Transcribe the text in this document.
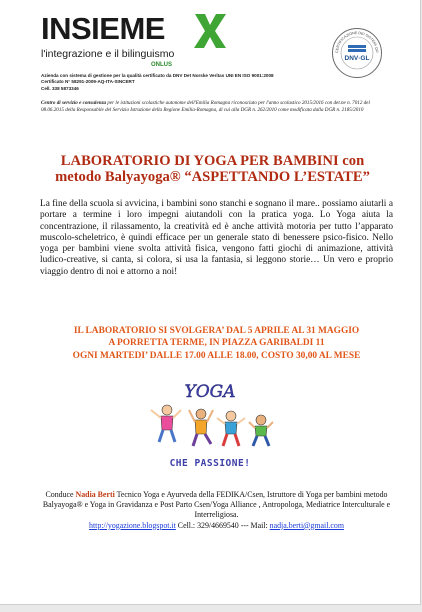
INSIEME
l'integrazione e il bilinguismo
ONLUS
Azienda con sistema di gestione per la qualità certificato da DNV Det Norske Veritas UNI EN ISO 9001:2008
Certificato N° 58291-2009-AQ-ITA-SINCERT
Cell. 338 5873346
CERTIFICAZIONE DEI SISTEMI QU
DNV·GL
Centro di servizio e consulenza per le istituzioni scolastiche autonome dell'Emilia Romagna riconosciuto per l'anno scolastico 2015/2016 con det.ne n. 7012 del 08.06.2015 della Responsabile del Servizio Istruzione della Regione Emilia-Romagna, di cui alla DGR n. 262/2010 come modificata dalla DGR n. 2185/2010
LABORATORIO DI YOGA PER BAMBINI con
metodo Balyayoga® “ASPETTANDO L’ESTATE”
La fine della scuola si avvicina, i bambini sono stanchi e sognano il mare.. possiamo aiutarli a portare a termine i loro impegni aiutandoli con la pratica yoga. Lo Yoga aiuta la concentrazione, il rilassamento, la creatività ed è anche attività motoria per tutto l’apparato muscolo-scheletrico, è quindi efficace per un generale stato di benessere psico-fisico. Nello yoga per bambini viene svolta attività fisica, vengono fatti giochi di animazione, attività ludico-creative, si canta, si colora, si usa la fantasia, si leggono storie… Un vero e proprio viaggio dentro di noi e attorno a noi!
IL LABORATORIO SI SVOLGERA’ DAL 5 APRILE AL 31 MAGGIO
A PORRETTA TERME, IN PIAZZA GARIBALDI 11
OGNI MARTEDI’ DALLE 17.00 ALLE 18.00, COSTO 30,00 AL MESE
YOGA
CHE PASSIONE!
Conduce Nadia Berti Tecnico Yoga e Ayurveda della FEDIKA/Csen, Istruttore di Yoga per bambini metodo Balyayoga® e Yoga in Gravidanza e Post Parto Csen/Yoga Alliance , Antropologa, Mediatrice Interculturale e Interreligiosa.
http://yogazione.blogspot.it Cell.: 329/4669540 --- Mail: nadja.berti@gmail.com
